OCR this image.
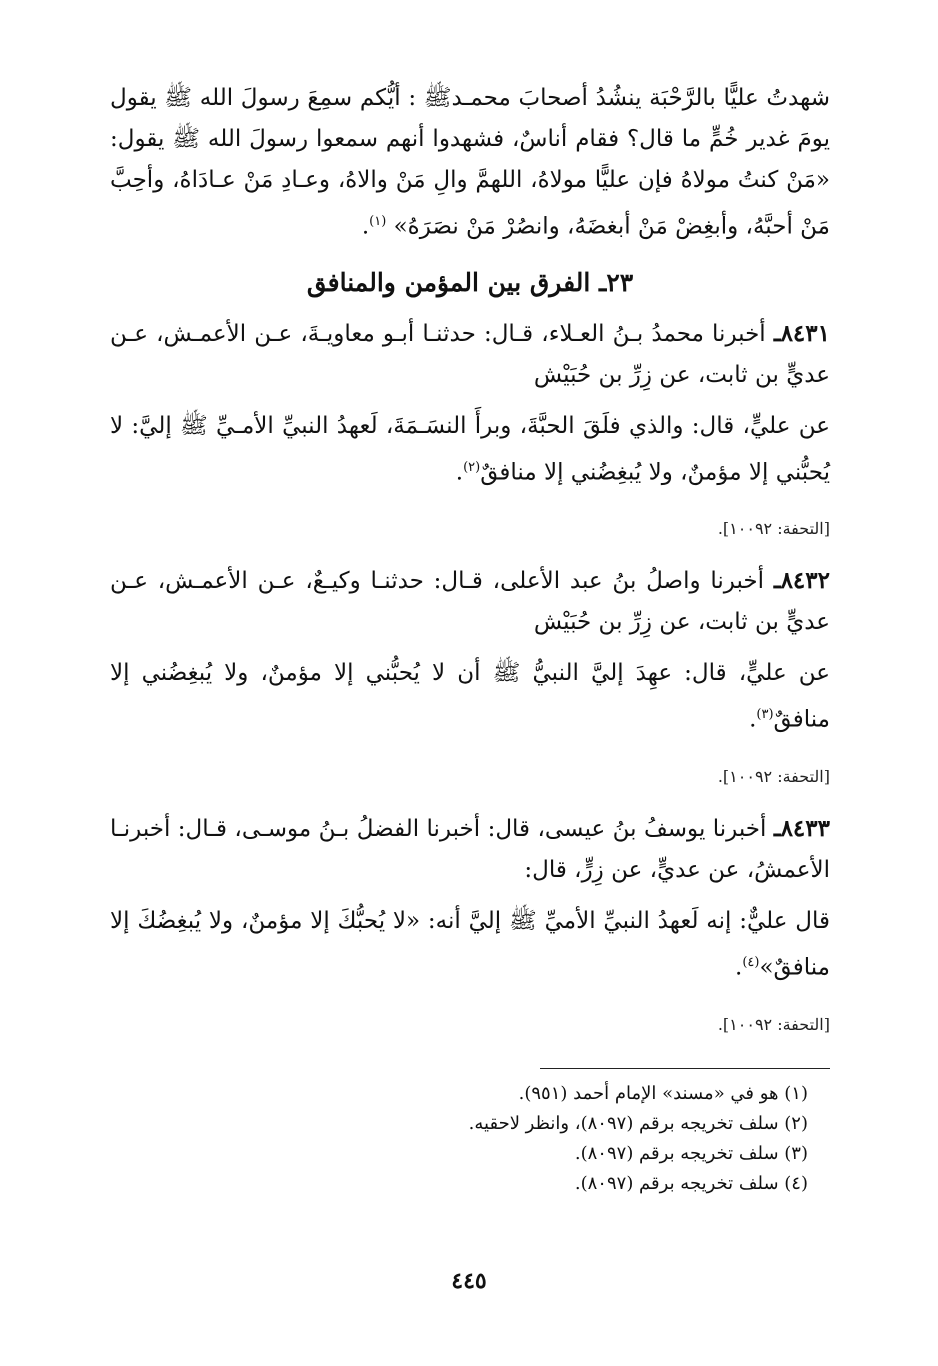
شهدتُ عليًّا بالرَّحْبَة ينشُدُ أصحابَ محمـدﷺ : أيُّكم سمِعَ رسولَ الله ﷺ يقول يومَ غدير خُمٍّ ما قال؟ فقام أناسٌ، فشهدوا أنهم سمعوا رسولَ الله ﷺ يقول: «مَنْ كنتُ مولاهُ فإن عليًّا مولاهُ، اللهمَّ والِ مَنْ والاهُ، وعـادِ مَنْ عـادَاهُ، وأحِبَّ مَنْ أحبَّهُ، وأبغِضْ مَنْ أبغضَهُ، وانصُرْ مَنْ نصَرَهُ» $^{(١)}$.

٢٣ـ الفرق بين المؤمن والمنافق

٨٤٣١ـ أخبرنا محمدُ بـنُ العـلاء، قـال: حدثنـا أبـو معاويـةَ، عـن الأعمـش، عـن عديٍّ بن ثابت، عن زِرِّ بن حُبَيْش

عن عليٍّ، قال: والذي فلَقَ الحبَّةَ، وبرأَ النسَـمَةَ، لَعهدُ النبيِّ الأمـيِّ ﷺ إليَّ: لا يُحبُّني إلا مؤمنٌ، ولا يُبغِضُني إلا منافقٌ$^{(٢)}$.

[التحفة: ١٠٠٩٢].

٨٤٣٢ـ أخبرنا واصلُ بنُ عبد الأعلى، قـال: حدثنـا وكيـعٌ، عـن الأعمـش، عـن عديٍّ بن ثابت، عن زِرِّ بن حُبَيْش

عن عليٍّ، قال: عهِدَ إليَّ النبيُّ ﷺ أن لا يُحبُّني إلا مؤمنٌ، ولا يُبغِضُني إلا منافقٌ$^{(٣)}$.

[التحفة: ١٠٠٩٢].

٨٤٣٣ـ أخبرنا يوسفُ بنُ عيسى، قال: أخبرنا الفضلُ بـنُ موسـى، قـال: أخبرنـا الأعمشُ، عن عديٍّ، عن زِرٍّ، قال:

قال عليٌّ: إنه لَعهدُ النبيِّ الأميِّ ﷺ إليَّ أنه: «لا يُحبُّكَ إلا مؤمنٌ، ولا يُبغِضُكَ إلا منافقٌ»$^{(٤)}$.

[التحفة: ١٠٠٩٢].

(١) هو في «مسند» الإمام أحمد (٩٥١).

(٢) سلف تخريجه برقم (٨٠٩٧)، وانظر لاحقيه.

(٣) سلف تخريجه برقم (٨٠٩٧).

(٤) سلف تخريجه برقم (٨٠٩٧).

٤٤٥
